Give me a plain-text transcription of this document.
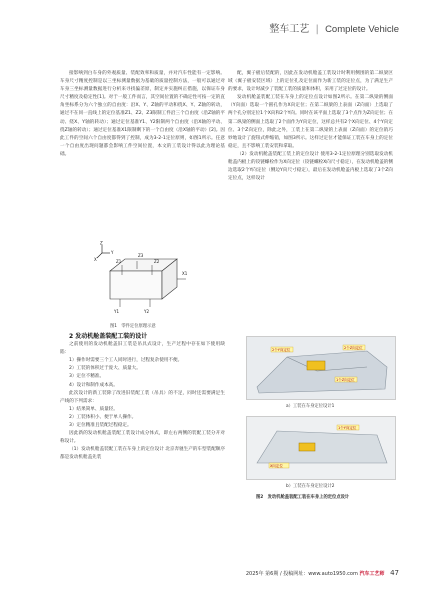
整车工艺 | Complete Vehicle

接影响到白车身的外观质量、装配效率和质量，并对汽车性能有一定影响。车身尺寸精度控制是以三坐标测量数据为基础的质量控制方法，一般可以通过对车身三坐标测量数据进行分析来寻找偏差原，制定并实施纠正措施，以保证车身尺寸精度及稳定性[1]。对于一般工件而言，其空间位置的不确定性可按一定的直角坐标系分为六个独立的自由度：沿X、Y、Z轴的平动和绕X、Y、Z轴的转动，通过不在同一直线上的定位基准Z1、Z2、Z3限制工件沿三个自由度（沿Z轴的平动、绕X、Y轴的转动）；通过定位基准Y1、Y2限制两个自由度（沿X轴的平动、绕Z轴的转动）；通过定位基准X1限制剩下的一个自由度（沿X轴的平动）[2]。因此工件的空间六个自由度都得到了控制，成为3-2-1定位原则，如图1所示。任意一个自由度出现问题都会影响工件空间位置，本文的工装设计得以此为理论基础。

Z1	Z2
Z3
X1
Y1	Y2
X
Y
Z
图1　零件定位原理示意

2 发动机舱盖装配工装的设计

之前使用的发动机舱盖旧工装是吊具式设计，生产过程中存在如下使用缺陷：

1）操作时需要三个工人同时进行，过程复杂使用不便。

2）工装的体积过于庞大、质量大。

3）定位不精准。

4）设计和制作成本高。

此次设计的新工装除了改进旧装配工装（吊具）的不足，同时还需要满足生产线的下列需求：

1）结果简单、质量轻。

2）工装体积小、便于单人操作。

3）定位精准且装配过程稳定。

因此新的发动机舱盖装配工装设计成分体式，即左右两侧的装配工装分开对称设计。

（1）发动机舱盖装配工装在车身上的定位设计 北京奔驰生产的车型装配顺序都是发动机舱盖先装

配，翼子板后装配的，因此在发动机舱盖工装设计时利用侧围的第二纵梁区域（翼子板安装区域）上的定位孔及定位面作为新工装的定位点，为了满足生产的要求，设计时减少了装配工装的质量和体积，采用了过定位的设计。

发动机舱盖装配工装在车身上的定位点设计如图2所示。在第二纵梁的侧面（Y向面）选取一个圆孔作为X向定位；在第二纵梁的上表面（Z向面）上选取了两个孔分别定位1个X向和2个Y向。同时在该平面上选取了3个点作为Z向定位；在第二纵梁的侧面上选取了2个面作为Y向定位，这样总共有2个X向定位、4个Y向定位、3个Z向定位，除此之外，工装上在第二纵梁的上表面（Z向面）的定位销巧妙地设计了旋钮式伸缩销，如图3所示。这样过定位才能保证工装在车身上的定位稳定，且不影响工装安装和拿取。

（2）发动机舱盖装配工装上的定位设计 使用3-2-1定位原理分别选取发动机舱盖内板上的铰链螺栓作为X向定位（铰链螺栓X向尺寸稳定），在发动机舱盖的侧边选取2个Y向定位（侧边Y向尺寸稳定），最后在发动机舱盖内板上选取了3个Z向定位点，这样设计

2个Y向定位	2个Z向定位
1个Z向定位
a）工装在车身定位设计1
X向定位
1个Y向定位
b）工装在车身定位设计2
图2　发动机舱盖装配工装在车身上的定位点设计
2025年 第6期 / 投稿网址：www.auto1950.com 汽车工艺师 47
